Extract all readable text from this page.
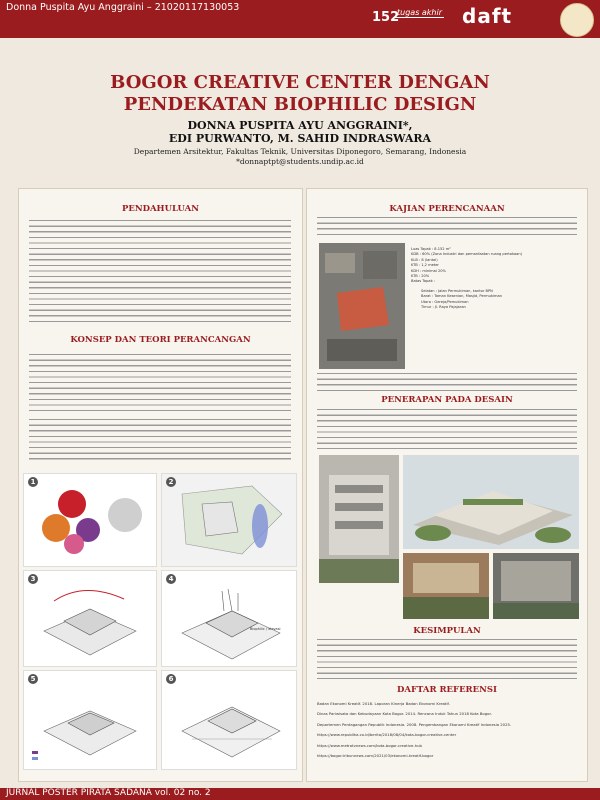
Donna Puspita Ayu Anggraini – 21020117130053
152
tugas akhir daft
BOGOR CREATIVE CENTER DENGAN
PENDEKATAN BIOPHILIC DESIGN
DONNA PUSPITA AYU ANGGRAINI*,
EDI PURWANTO, M. SAHID INDRASWARA
Departemen Arsitektur, Fakultas Teknik, Universitas Diponegoro, Semarang, Indonesia
*donnaptpt@students.undip.ac.id
PENDAHULUAN
KONSEP DAN TEORI PERANCANGAN
1	2
3	4
Biophilic / elevasi
5	6
KAJIAN PERENCANAAN
Luas Tapak : 8.152 m²
KDB : 60% (Zona Industri dan pemanfaatan ruang pertokoan)
KLB : 8 (lantai)
KTB : 1,2 meter
KDH : minimal 20%
KTB : 20%
Batas Tapak :
Selatan : Jalan Permukiman, kantor BPN
Barat : Taman Kesenian, Masjid, Permukiman
Utara : Gereja/Pemukiman
Timur : Jl. Raya Pajajaran
PENERAPAN PADA DESAIN
KESIMPULAN
DAFTAR REFERENSI
Badan Ekonomi Kreatif. 2018. Laporan Kinerja Badan Ekonomi Kreatif.
Dinas Pariwisata dan Kebudayaan Kota Bogor. 2014. Rencana Induk Tahun 2018 Kota Bogor.
Departemen Perdagangan Republik Indonesia. 2008. Pengembangan Ekonomi Kreatif Indonesia 2025.
https://www.republika.co.id/berita/2018/08/04/kota-bogor-creative-center
https://www.metrotvnews.com/kota-bogor-creative-hub
https://bogor.tribunnews.com/2021/03/ekonomi-kreatif-bogor
JURNAL POSTER PIRATA SADANA vol. 02 no. 2
